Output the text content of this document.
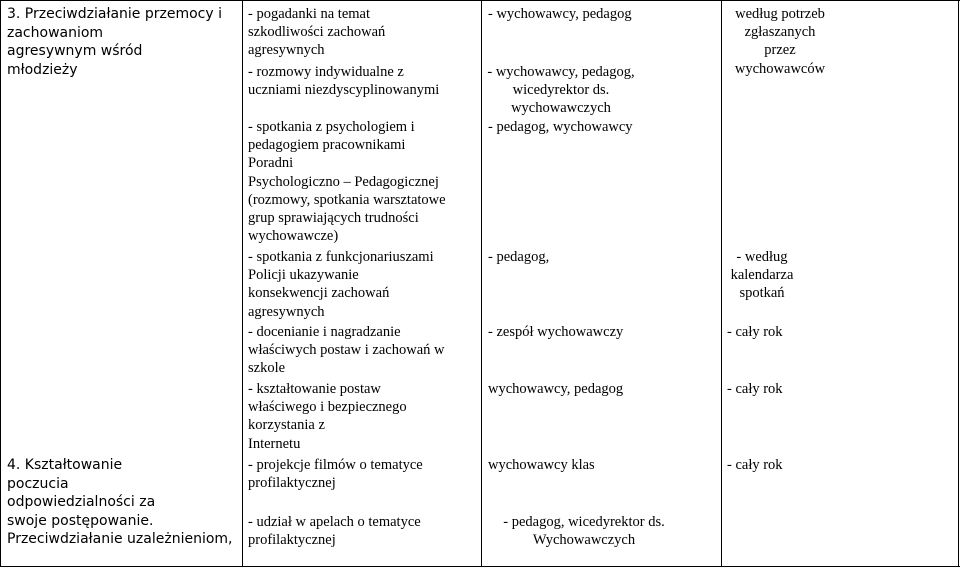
3. Przeciwdziałanie przemocy i
zachowaniom
agresywnym wśród
młodzieży

4. Kształtowanie
poczucia
odpowiedzialności za
swoje postępowanie.
Przeciwdziałanie uzależnieniom,

- pogadanki na temat
szkodliwości zachowań
agresywnych

- rozmowy indywidualne z
uczniami niezdyscyplinowanymi

- spotkania z psychologiem i
pedagogiem pracownikami
Poradni
Psychologiczno – Pedagogicznej
(rozmowy, spotkania warsztatowe
grup sprawiających trudności
wychowawcze)

- spotkania z funkcjonariuszami
Policji ukazywanie
konsekwencji zachowań
agresywnych

- docenianie i nagradzanie
właściwych postaw i zachowań w
szkole

- kształtowanie postaw
właściwego i bezpiecznego
korzystania z
Internetu

- projekcje filmów o tematyce
profilaktycznej

- udział w apelach o tematyce
profilaktycznej

- wychowawcy, pedagog

- wychowawcy, pedagog,
wicedyrektor ds.
wychowawczych

- pedagog, wychowawcy

- pedagog,

- zespół wychowawczy

wychowawcy, pedagog

wychowawcy klas

- pedagog, wicedyrektor ds.
Wychowawczych

według potrzeb
zgłaszanych
przez
wychowawców

- według
kalendarza
spotkań

- cały rok

- cały rok

- cały rok
